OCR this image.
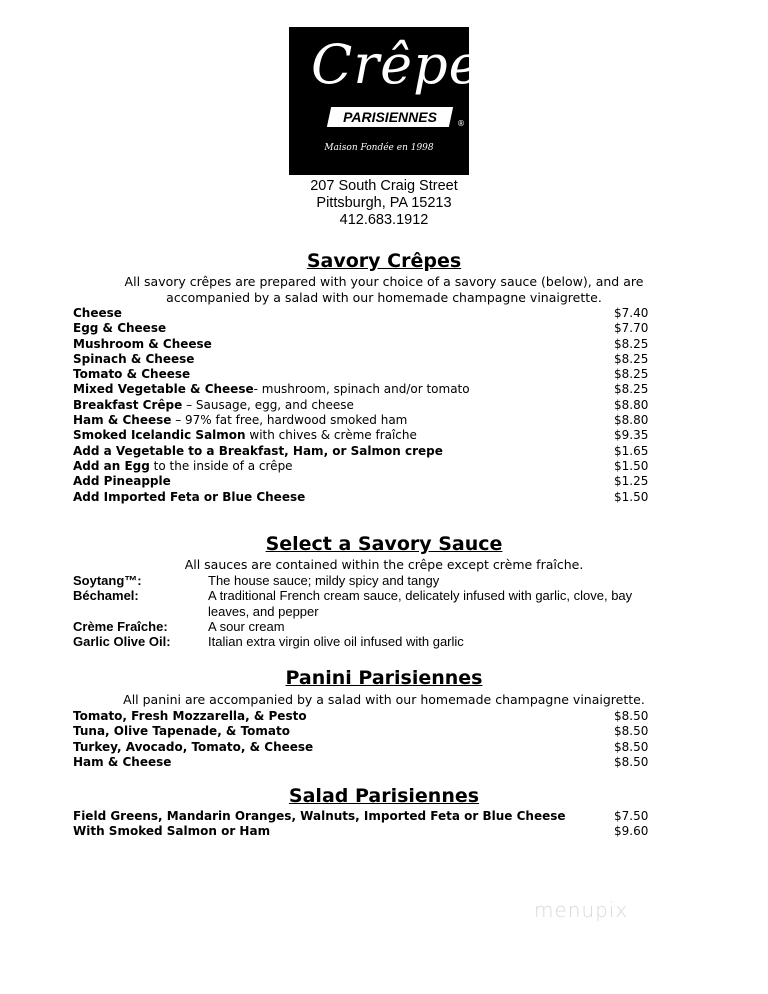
Crêpes
PARISIENNES	®
Maison Fondée en 1998
207 South Craig Street
Pittsburgh, PA 15213
412.683.1912
Savory Crêpes
All savory crêpes are prepared with your choice of a savory sauce (below), and are
accompanied by a salad with our homemade champagne vinaigrette.
Cheese	$7.40
Egg & Cheese	$7.70
Mushroom & Cheese	$8.25
Spinach & Cheese	$8.25
Tomato & Cheese	$8.25
Mixed Vegetable & Cheese- mushroom, spinach and/or tomato	$8.25
Breakfast Crêpe – Sausage, egg, and cheese	$8.80
Ham & Cheese – 97% fat free, hardwood smoked ham	$8.80
Smoked Icelandic Salmon with chives & crème fraîche	$9.35
Add a Vegetable to a Breakfast, Ham, or Salmon crepe	$1.65
Add an Egg to the inside of a crêpe	$1.50
Add Pineapple	$1.25
Add Imported Feta or Blue Cheese	$1.50
Select a Savory Sauce
All sauces are contained within the crêpe except crème fraîche.
Soytang™:	The house sauce; mildy spicy and tangy
Béchamel:	A traditional French cream sauce, delicately infused with garlic, clove, bay leaves, and pepper
Crème Fraîche:	A sour cream
Garlic Olive Oil:	Italian extra virgin olive oil infused with garlic
Panini Parisiennes
All panini are accompanied by a salad with our homemade champagne vinaigrette.
Tomato, Fresh Mozzarella, & Pesto	$8.50
Tuna, Olive Tapenade, & Tomato	$8.50
Turkey, Avocado, Tomato, & Cheese	$8.50
Ham & Cheese	$8.50
Salad Parisiennes
Field Greens, Mandarin Oranges, Walnuts, Imported Feta or Blue Cheese	$7.50
With Smoked Salmon or Ham	$9.60
menupix
